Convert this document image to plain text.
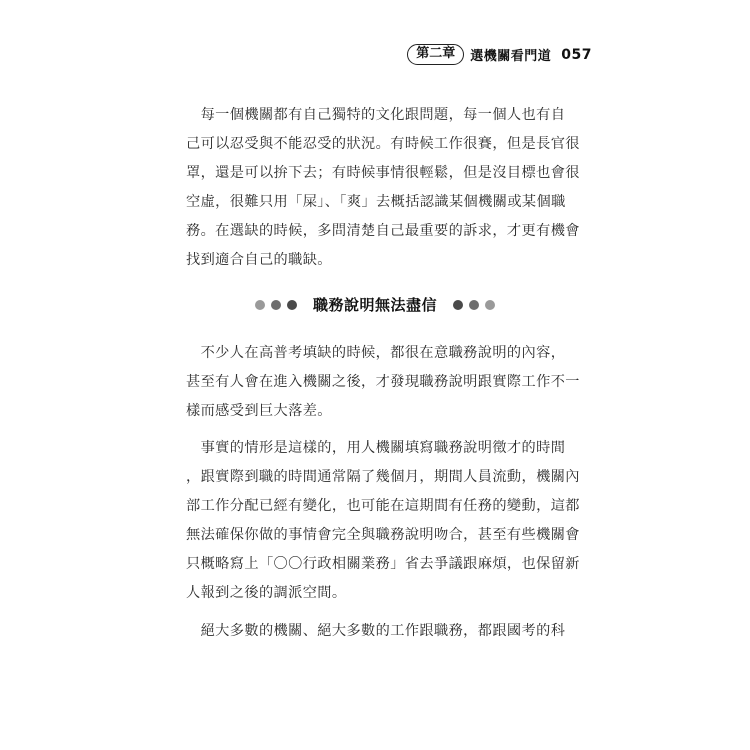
第二章	選機關看門道 057
　每一個機關都有自己獨特的文化跟問題，每一個人也有自
己可以忍受與不能忍受的狀況。有時候工作很賽，但是長官很
罩，還是可以拚下去；有時候事情很輕鬆，但是沒目標也會很
空虛，很難只用「屎」、「爽」去概括認識某個機關或某個職
務。在選缺的時候，多問清楚自己最重要的訴求，才更有機會
找到適合自己的職缺。
職務說明無法盡信
　不少人在高普考填缺的時候，都很在意職務說明的內容，
甚至有人會在進入機關之後，才發現職務說明跟實際工作不一
樣而感受到巨大落差。
　事實的情形是這樣的，用人機關填寫職務說明徵才的時間
，跟實際到職的時間通常隔了幾個月，期間人員流動，機關內
部工作分配已經有變化，也可能在這期間有任務的變動，這都
無法確保你做的事情會完全與職務說明吻合，甚至有些機關會
只概略寫上「〇〇行政相關業務」省去爭議跟麻煩，也保留新
人報到之後的調派空間。
　絕大多數的機關、絕大多數的工作跟職務，都跟國考的科
